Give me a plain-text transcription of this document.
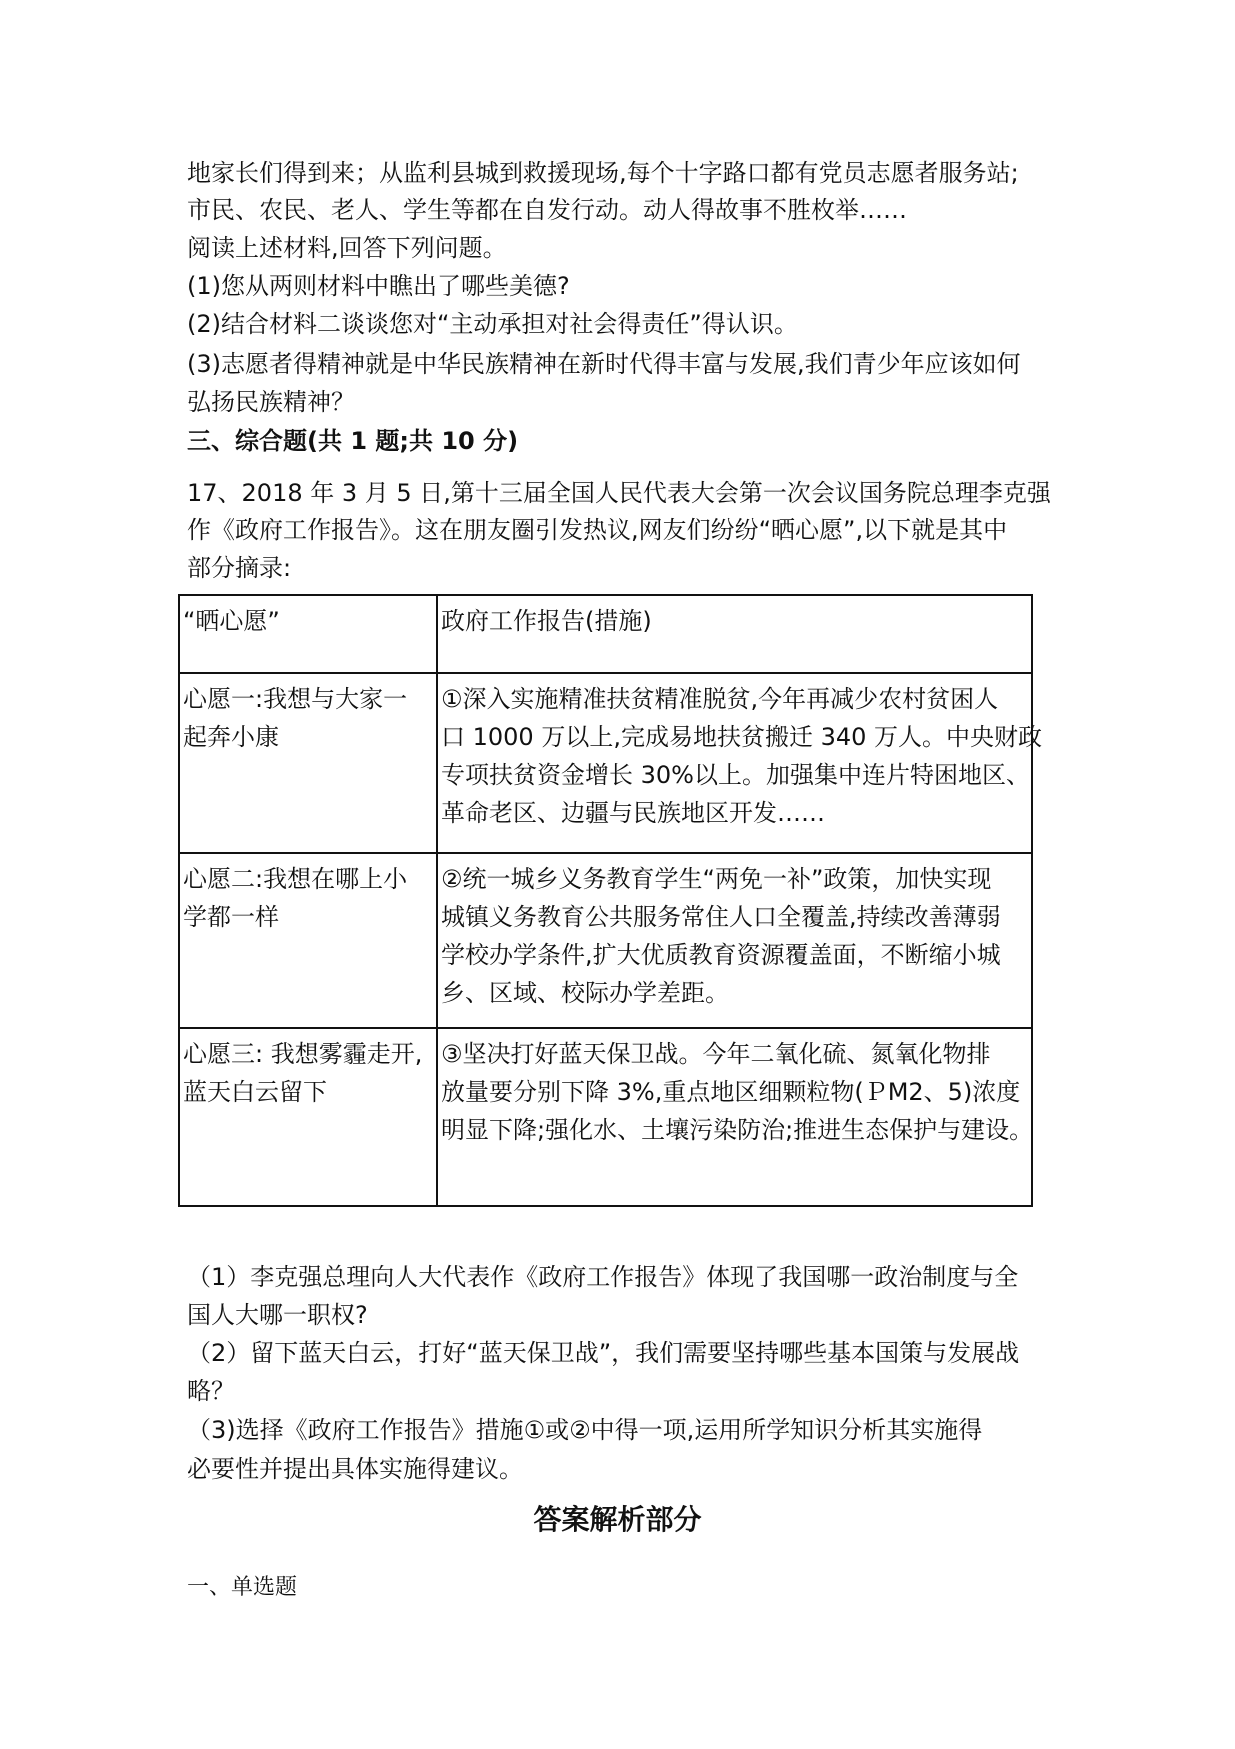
地家长们得到来；从监利县城到救援现场,每个十字路口都有党员志愿者服务站;
市民、农民、老人、学生等都在自发行动。动人得故事不胜枚举……
阅读上述材料,回答下列问题。
(1)您从两则材料中瞧出了哪些美德?
(2)结合材料二谈谈您对“主动承担对社会得责任”得认识。
(3)志愿者得精神就是中华民族精神在新时代得丰富与发展,我们青少年应该如何
弘扬民族精神？
三、综合题(共 1 题;共 10 分)
17、2018 年 3 月 5 日,第十三届全国人民代表大会第一次会议国务院总理李克强
作《政府工作报告》。这在朋友圈引发热议,网友们纷纷“晒心愿”,以下就是其中
部分摘录:
“晒心愿”	政府工作报告(措施)

心愿一:我想与大家一
起奔小康	①深入实施精准扶贫精准脱贫,今年再减少农村贫困人
口 1000 万以上,完成易地扶贫搬迁 340 万人。中央财政
专项扶贫资金增长 30%以上。加强集中连片特困地区、
革命老区、边疆与民族地区开发……

心愿二:我想在哪上小
学都一样	②统一城乡义务教育学生“两免一补”政策，加快实现
城镇义务教育公共服务常住人口全覆盖,持续改善薄弱
学校办学条件,扩大优质教育资源覆盖面，不断缩小城
乡、区域、校际办学差距。

心愿三: 我想雾霾走开,
蓝天白云留下	③坚决打好蓝天保卫战。今年二氧化硫、氮氧化物排
放量要分别下降 3%,重点地区细颗粒物(ＰM2、5)浓度
明显下降;强化水、土壤污染防治;推进生态保护与建设。
（1）李克强总理向人大代表作《政府工作报告》体现了我国哪一政治制度与全
国人大哪一职权?
（2）留下蓝天白云，打好“蓝天保卫战”，我们需要坚持哪些基本国策与发展战
略？
（3)选择《政府工作报告》措施①或②中得一项,运用所学知识分析其实施得
必要性并提出具体实施得建议。
答案解析部分
一、单选题
